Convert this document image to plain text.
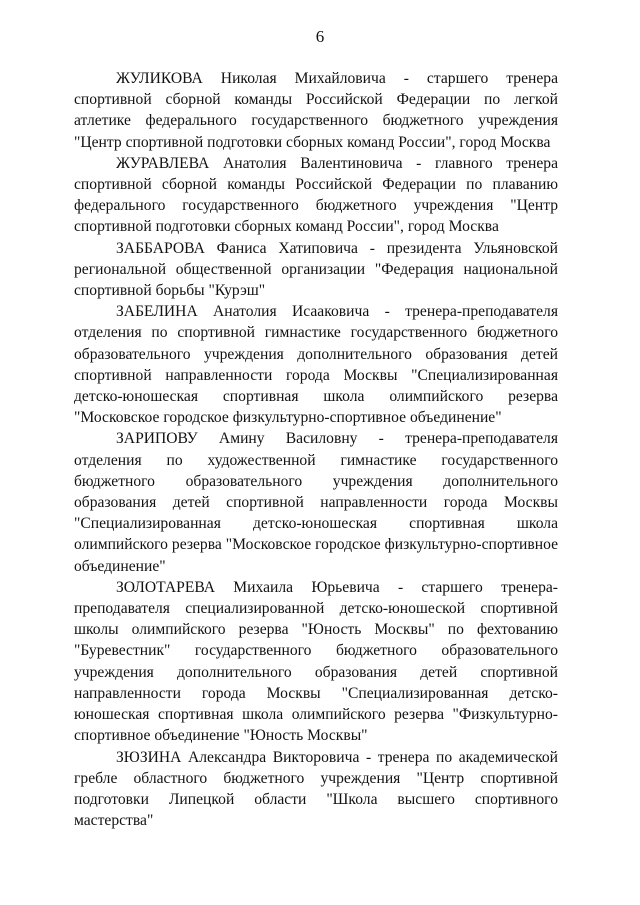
6

ЖУЛИКОВА Николая Михайловича - старшего тренера спортивной сборной команды Российской Федерации по легкой атлетике федерального государственного бюджетного учреждения "Центр спортивной подготовки сборных команд России", город Москва

ЖУРАВЛЕВА Анатолия Валентиновича - главного тренера спортивной сборной команды Российской Федерации по плаванию федерального государственного бюджетного учреждения "Центр спортивной подготовки сборных команд России", город Москва

ЗАББАРОВА Фаниса Хатиповича - президента Ульяновской региональной общественной организации "Федерация национальной спортивной борьбы "Курэш"

ЗАБЕЛИНА Анатолия Исааковича - тренера-преподавателя отделения по спортивной гимнастике государственного бюджетного образовательного учреждения дополнительного образования детей спортивной направленности города Москвы "Специализированная детско-юношеская спортивная школа олимпийского резерва "Московское городское физкультурно-спортивное объединение"

ЗАРИПОВУ Амину Василовну - тренера-преподавателя отделения по художественной гимнастике государственного бюджетного образовательного учреждения дополнительного образования детей спортивной направленности города Москвы "Специализированная детско-юношеская спортивная школа олимпийского резерва "Московское городское физкультурно-спортивное объединение"

ЗОЛОТАРЕВА Михаила Юрьевича - старшего тренера-преподавателя специализированной детско-юношеской спортивной школы олимпийского резерва "Юность Москвы" по фехтованию "Буревестник" государственного бюджетного образовательного учреждения дополнительного образования детей спортивной направленности города Москвы "Специализированная детско-юношеская спортивная школа олимпийского резерва "Физкультурно-спортивное объединение "Юность Москвы"

ЗЮЗИНА Александра Викторовича - тренера по академической гребле областного бюджетного учреждения "Центр спортивной подготовки Липецкой области "Школа высшего спортивного мастерства"
